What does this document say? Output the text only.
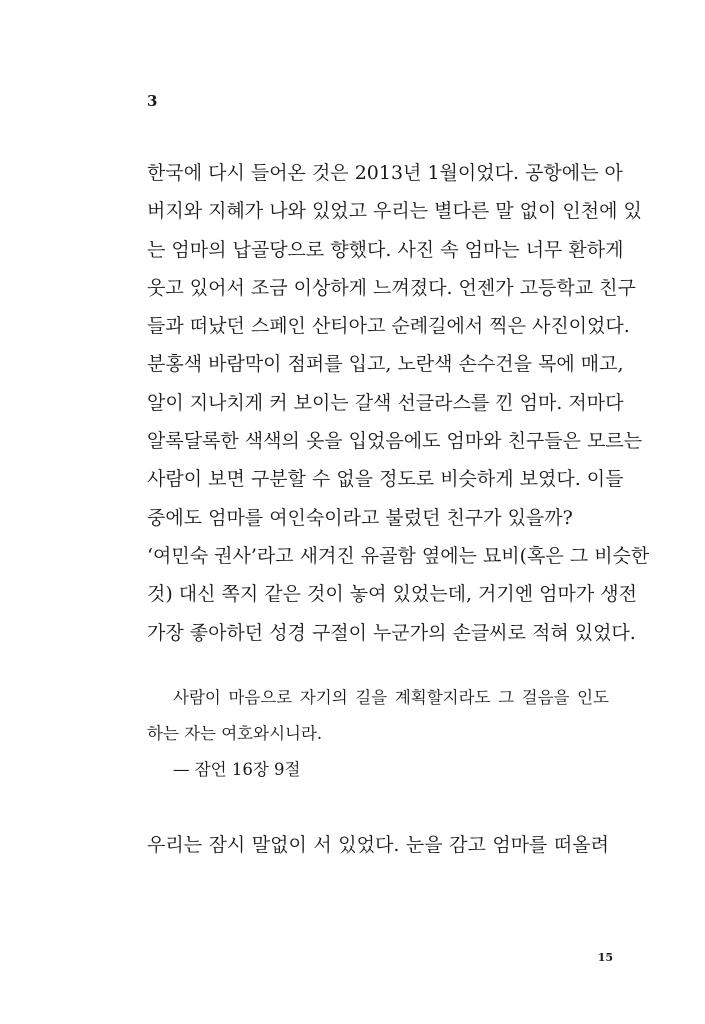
3
한국에 다시 들어온 것은 2013년 1월이었다. 공항에는 아
버지와 지혜가 나와 있었고 우리는 별다른 말 없이 인천에 있
는 엄마의 납골당으로 향했다. 사진 속 엄마는 너무 환하게
웃고 있어서 조금 이상하게 느껴졌다. 언젠가 고등학교 친구
들과 떠났던 스페인 산티아고 순례길에서 찍은 사진이었다.
분홍색 바람막이 점퍼를 입고, 노란색 손수건을 목에 매고,
알이 지나치게 커 보이는 갈색 선글라스를 낀 엄마. 저마다
알록달록한 색색의 옷을 입었음에도 엄마와 친구들은 모르는
사람이 보면 구분할 수 없을 정도로 비슷하게 보였다. 이들
중에도 엄마를 여인숙이라고 불렀던 친구가 있을까?
‘여민숙 권사’라고 새겨진 유골함 옆에는 묘비(혹은 그 비슷한
것) 대신 쪽지 같은 것이 놓여 있었는데, 거기엔 엄마가 생전
가장 좋아하던 성경 구절이 누군가의 손글씨로 적혀 있었다.
사람이 마음으로 자기의 길을 계획할지라도 그 걸음을 인도
하는 자는 여호와시니라.
— 잠언 16장 9절
우리는 잠시 말없이 서 있었다. 눈을 감고 엄마를 떠올려
15
